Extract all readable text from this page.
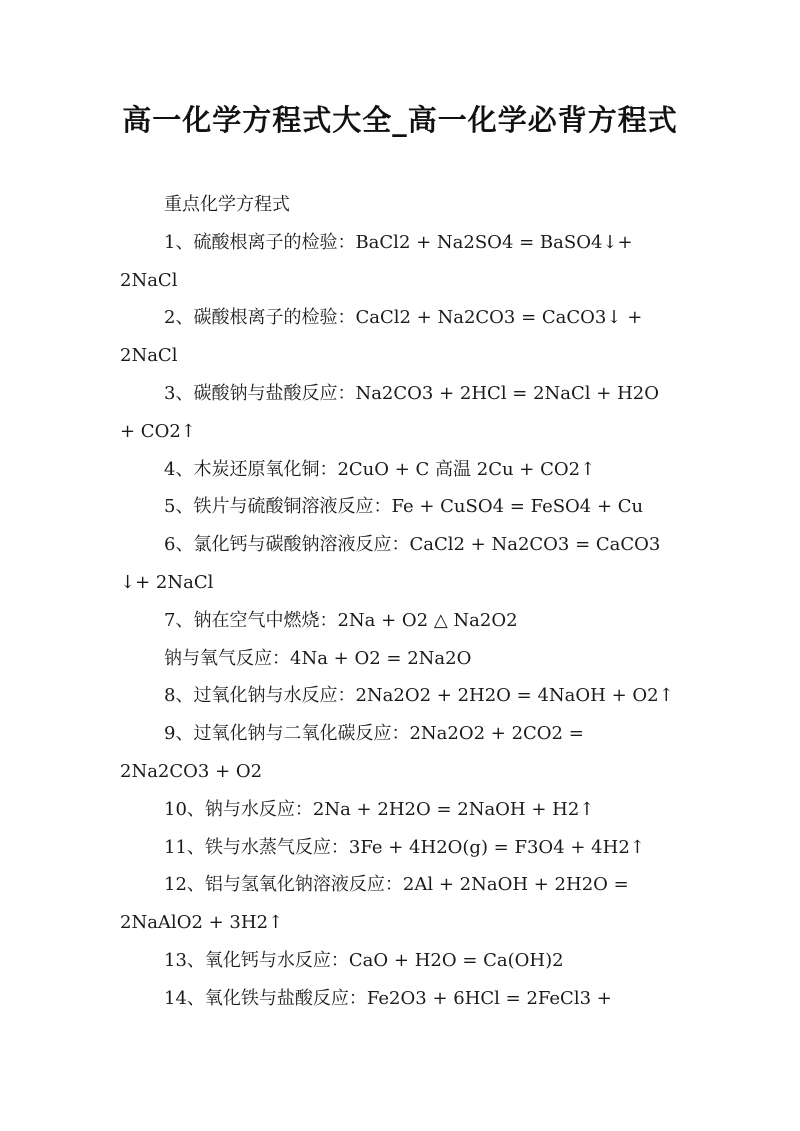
高一化学方程式大全_高一化学必背方程式
重点化学方程式
1、硫酸根离子的检验：BaCl2 + Na2SO4 = BaSO4↓+
2NaCl
2、碳酸根离子的检验：CaCl2 + Na2CO3 = CaCO3↓ +
2NaCl
3、碳酸钠与盐酸反应：Na2CO3 + 2HCl = 2NaCl + H2O
+ CO2↑
4、木炭还原氧化铜：2CuO + C 高温 2Cu + CO2↑
5、铁片与硫酸铜溶液反应：Fe + CuSO4 = FeSO4 + Cu
6、氯化钙与碳酸钠溶液反应：CaCl2 + Na2CO3 = CaCO3
↓+ 2NaCl
7、钠在空气中燃烧：2Na + O2 △ Na2O2
钠与氧气反应：4Na + O2 = 2Na2O
8、过氧化钠与水反应：2Na2O2 + 2H2O = 4NaOH + O2↑
9、过氧化钠与二氧化碳反应：2Na2O2 + 2CO2 =
2Na2CO3 + O2
10、钠与水反应：2Na + 2H2O = 2NaOH + H2↑
11、铁与水蒸气反应：3Fe + 4H2O(g) = F3O4 + 4H2↑
12、铝与氢氧化钠溶液反应：2Al + 2NaOH + 2H2O =
2NaAlO2 + 3H2↑
13、氧化钙与水反应：CaO + H2O = Ca(OH)2
14、氧化铁与盐酸反应：Fe2O3 + 6HCl = 2FeCl3 +
